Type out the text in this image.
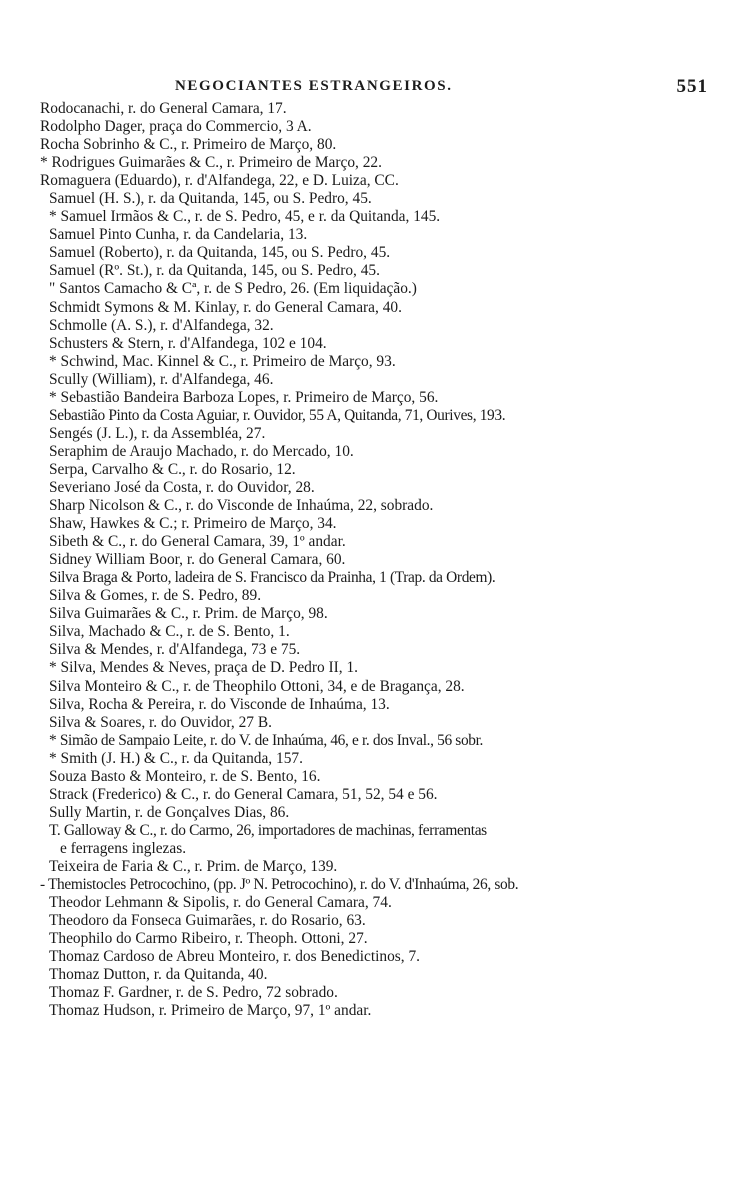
NEGOCIANTES ESTRANGEIROS.	551
Rodocanachi, r. do General Camara, 17.
Rodolpho Dager, praça do Commercio, 3 A.
Rocha Sobrinho & C., r. Primeiro de Março, 80.
* Rodrigues Guimarães & C., r. Primeiro de Março, 22.
Romaguera (Eduardo), r. d'Alfandega, 22, e D. Luiza, CC.
Samuel (H. S.), r. da Quitanda, 145, ou S. Pedro, 45.
* Samuel Irmãos & C., r. de S. Pedro, 45, e r. da Quitanda, 145.
Samuel Pinto Cunha, r. da Candelaria, 13.
Samuel (Roberto), r. da Quitanda, 145, ou S. Pedro, 45.
Samuel (Rº. St.), r. da Quitanda, 145, ou S. Pedro, 45.
" Santos Camacho & Cª, r. de S Pedro, 26. (Em liquidação.)
Schmidt Symons & M. Kinlay, r. do General Camara, 40.
Schmolle (A. S.), r. d'Alfandega, 32.
Schusters & Stern, r. d'Alfandega, 102 e 104.
* Schwind, Mac. Kinnel & C., r. Primeiro de Março, 93.
Scully (William), r. d'Alfandega, 46.
* Sebastião Bandeira Barboza Lopes, r. Primeiro de Março, 56.
Sebastião Pinto da Costa Aguiar, r. Ouvidor, 55 A, Quitanda, 71, Ourives, 193.
Sengés (J. L.), r. da Assembléa, 27.
Seraphim de Araujo Machado, r. do Mercado, 10.
Serpa, Carvalho & C., r. do Rosario, 12.
Severiano José da Costa, r. do Ouvidor, 28.
Sharp Nicolson & C., r. do Visconde de Inhaúma, 22, sobrado.
Shaw, Hawkes & C.; r. Primeiro de Março, 34.
Sibeth & C., r. do General Camara, 39, 1º andar.
Sidney William Boor, r. do General Camara, 60.
Silva Braga & Porto, ladeira de S. Francisco da Prainha, 1 (Trap. da Ordem).
Silva & Gomes, r. de S. Pedro, 89.
Silva Guimarães & C., r. Prim. de Março, 98.
Silva, Machado & C., r. de S. Bento, 1.
Silva & Mendes, r. d'Alfandega, 73 e 75.
* Silva, Mendes & Neves, praça de D. Pedro II, 1.
Silva Monteiro & C., r. de Theophilo Ottoni, 34, e de Bragança, 28.
Silva, Rocha & Pereira, r. do Visconde de Inhaúma, 13.
Silva & Soares, r. do Ouvidor, 27 B.
* Simão de Sampaio Leite, r. do V. de Inhaúma, 46, e r. dos Inval., 56 sobr.
* Smith (J. H.) & C., r. da Quitanda, 157.
Souza Basto & Monteiro, r. de S. Bento, 16.
Strack (Frederico) & C., r. do General Camara, 51, 52, 54 e 56.
Sully Martin, r. de Gonçalves Dias, 86.
T. Galloway & C., r. do Carmo, 26, importadores de machinas, ferramentas
e ferragens inglezas.
Teixeira de Faria & C., r. Prim. de Março, 139.
- Themistocles Petrocochino, (pp. Jº N. Petrocochino), r. do V. d'Inhaúma, 26, sob.
Theodor Lehmann & Sipolis, r. do General Camara, 74.
Theodoro da Fonseca Guimarães, r. do Rosario, 63.
Theophilo do Carmo Ribeiro, r. Theoph. Ottoni, 27.
Thomaz Cardoso de Abreu Monteiro, r. dos Benedictinos, 7.
Thomaz Dutton, r. da Quitanda, 40.
Thomaz F. Gardner, r. de S. Pedro, 72 sobrado.
Thomaz Hudson, r. Primeiro de Março, 97, 1º andar.
